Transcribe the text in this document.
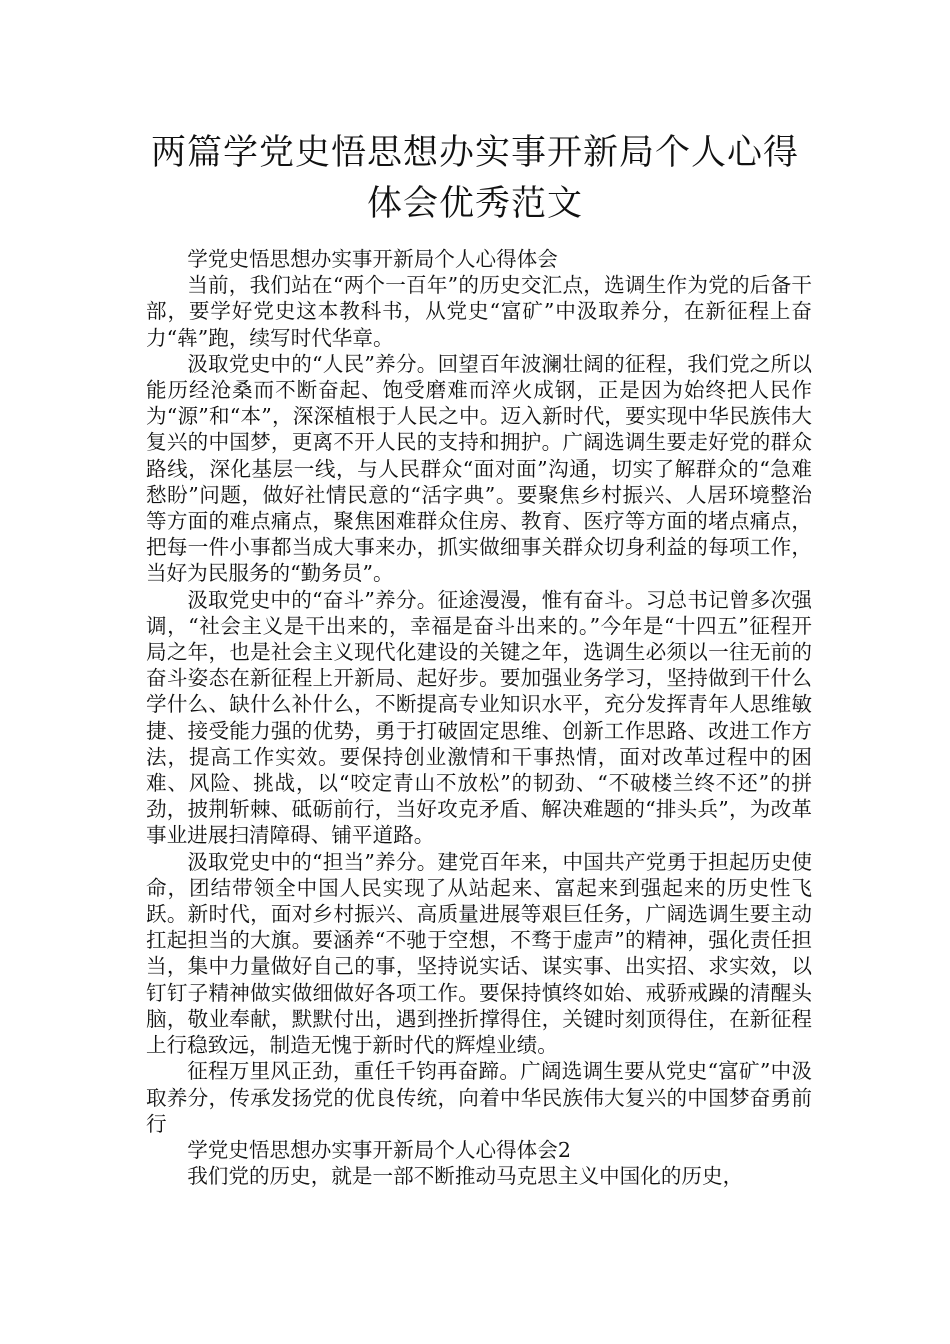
两篇学党史悟思想办实事开新局个人心得
体会优秀范文

学党史悟思想办实事开新局个人心得体会

当前，我们站在“两个一百年”的历史交汇点，选调生作为党的后备干部，要学好党史这本教科书，从党史“富矿”中汲取养分，在新征程上奋力“犇”跑，续写时代华章。

汲取党史中的“人民”养分。回望百年波澜壮阔的征程，我们党之所以能历经沧桑而不断奋起、饱受磨难而淬火成钢，正是因为始终把人民作为“源”和“本”，深深植根于人民之中。迈入新时代，要实现中华民族伟大复兴的中国梦，更离不开人民的支持和拥护。广阔选调生要走好党的群众路线，深化基层一线，与人民群众“面对面”沟通，切实了解群众的“急难愁盼”问题，做好社情民意的“活字典”。要聚焦乡村振兴、人居环境整治等方面的难点痛点，聚焦困难群众住房、教育、医疗等方面的堵点痛点，把每一件小事都当成大事来办，抓实做细事关群众切身利益的每项工作，当好为民服务的“勤务员”。

汲取党史中的“奋斗”养分。征途漫漫，惟有奋斗。习总书记曾多次强调，“社会主义是干出来的，幸福是奋斗出来的。”今年是“十四五”征程开局之年，也是社会主义现代化建设的关键之年，选调生必须以一往无前的奋斗姿态在新征程上开新局、起好步。要加强业务学习，坚持做到干什么学什么、缺什么补什么，不断提高专业知识水平，充分发挥青年人思维敏捷、接受能力强的优势，勇于打破固定思维、创新工作思路、改进工作方法，提高工作实效。要保持创业激情和干事热情，面对改革过程中的困难、风险、挑战，以“咬定青山不放松”的韧劲、“不破楼兰终不还”的拼劲，披荆斩棘、砥砺前行，当好攻克矛盾、解决难题的“排头兵”，为改革事业进展扫清障碍、铺平道路。

汲取党史中的“担当”养分。建党百年来，中国共产党勇于担起历史使命，团结带领全中国人民实现了从站起来、富起来到强起来的历史性飞跃。新时代，面对乡村振兴、高质量进展等艰巨任务，广阔选调生要主动扛起担当的大旗。要涵养“不驰于空想，不骛于虚声”的精神，强化责任担当，集中力量做好自己的事，坚持说实话、谋实事、出实招、求实效，以钉钉子精神做实做细做好各项工作。要保持慎终如始、戒骄戒躁的清醒头脑，敬业奉献，默默付出，遇到挫折撑得住，关键时刻顶得住，在新征程上行稳致远，制造无愧于新时代的辉煌业绩。

征程万里风正劲，重任千钧再奋蹄。广阔选调生要从党史“富矿”中汲取养分，传承发扬党的优良传统，向着中华民族伟大复兴的中国梦奋勇前行

学党史悟思想办实事开新局个人心得体会2

我们党的历史，就是一部不断推动马克思主义中国化的历史，
